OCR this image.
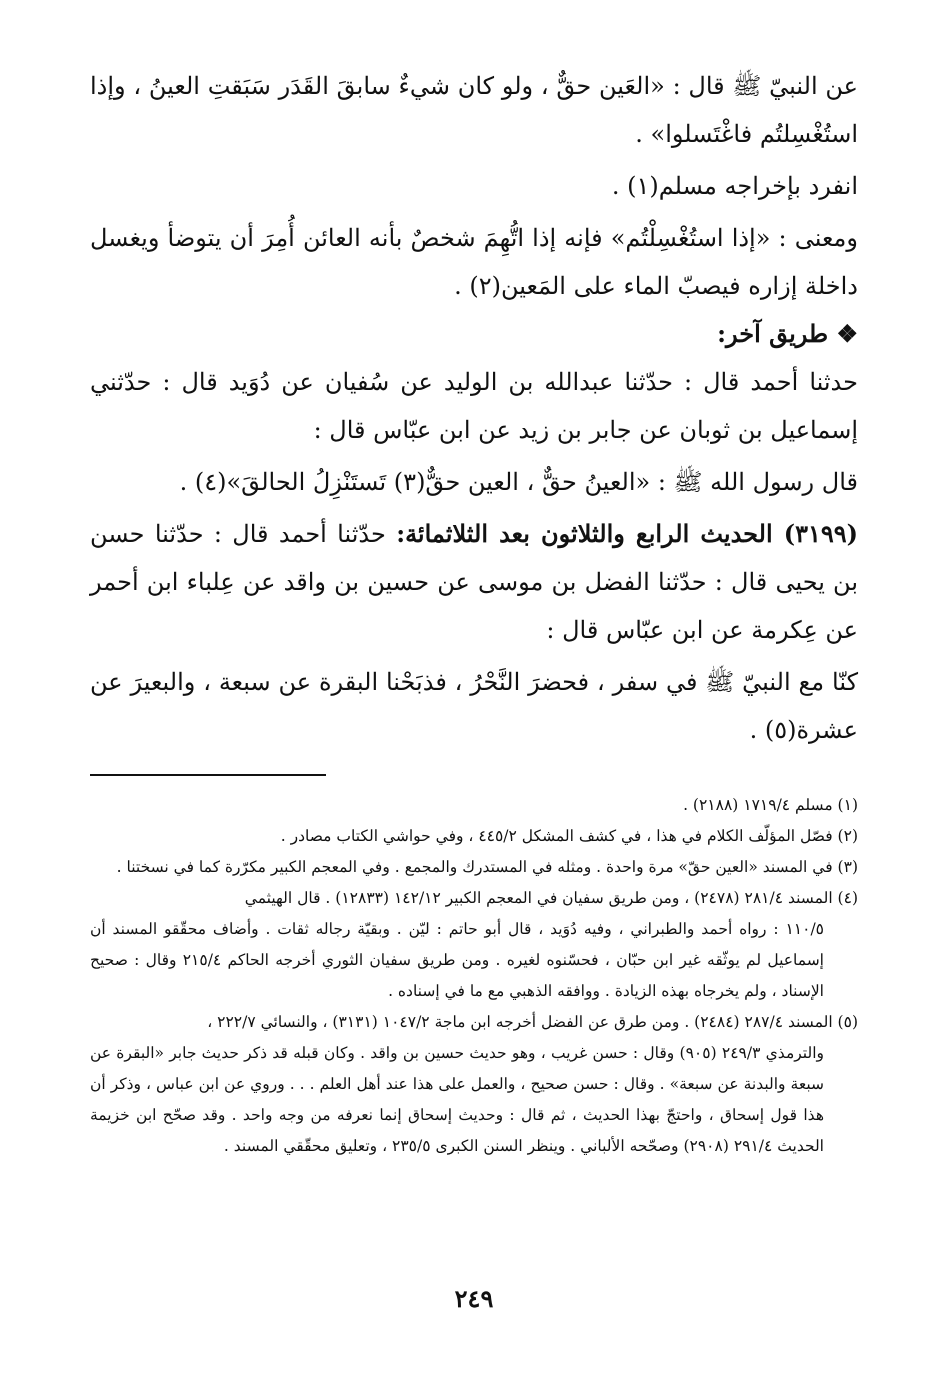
عن النبيّ ﷺ قال : «العَين حقٌّ ، ولو كان شيءٌ سابقَ القَدَر سَبَقتِ العينُ ، وإذا استُغْسِلتُم فاغْتَسلوا» .

انفرد بإخراجه مسلم(١) .

ومعنى : «إذا استُغْسِلْتُم» فإنه إذا اتُّهِمَ شخصٌ بأنه العائن أُمِرَ أن يتوضأ ويغسل داخلة إزاره فيصبّ الماء على المَعين(٢) .

❖ طريق آخر:

حدثنا أحمد قال : حدّثنا عبدالله بن الوليد عن سُفيان عن دُوَيد قال : حدّثني إسماعيل بن ثوبان عن جابر بن زيد عن ابن عبّاس قال :

قال رسول الله ﷺ : «العينُ حقٌّ ، العين حقٌّ(٣) تَستَنْزِلُ الحالقَ»(٤) .

(٣١٩٩) الحديث الرابع والثلاثون بعد الثلاثمائة: حدّثنا أحمد قال : حدّثنا حسن بن يحيى قال : حدّثنا الفضل بن موسى عن حسين بن واقد عن عِلباء ابن أحمر عن عِكرمة عن ابن عبّاس قال :

كنّا مع النبيّ ﷺ في سفر ، فحضرَ النَّحْرُ ، فذبَحْنا البقرة عن سبعة ، والبعيرَ عن عشرة(٥) .

(١) مسلم ١٧١٩/٤ (٢١٨٨) .

(٢) فصّل المؤلّف الكلام في هذا ، في كشف المشكل ٤٤٥/٢ ، وفي حواشي الكتاب مصادر .

(٣) في المسند «العين حقّ» مرة واحدة . ومثله في المستدرك والمجمع . وفي المعجم الكبير مكرّرة كما في نسختنا .

(٤) المسند ٢٨١/٤ (٢٤٧٨) ، ومن طريق سفيان في المعجم الكبير ١٤٢/١٢ (١٢٨٣٣) . قال الهيثمي

١١٠/٥ : رواه أحمد والطبراني ، وفيه دُوَيد ، قال أبو حاتم : ليّن . وبقيّة رجاله ثقات . وأضاف محقّقو المسند أن إسماعيل لم يوثّقه غير ابن حبّان ، فحسّنوه لغيره . ومن طريق سفيان الثوري أخرجه الحاكم ٢١٥/٤ وقال : صحيح الإسناد ، ولم يخرجاه بهذه الزيادة . ووافقه الذهبي مع ما في إسناده .

(٥) المسند ٢٨٧/٤ (٢٤٨٤) . ومن طرق عن الفضل أخرجه ابن ماجة ١٠٤٧/٢ (٣١٣١) ، والنسائي ٢٢٢/٧ ،

والترمذي ٢٤٩/٣ (٩٠٥) وقال : حسن غريب ، وهو حديث حسين بن واقد . وكان قبله قد ذكر حديث جابر «البقرة عن سبعة والبدنة عن سبعة» . وقال : حسن صحيح ، والعمل على هذا عند أهل العلم . . . وروي عن ابن عباس ، وذكر أن هذا قول إسحاق ، واحتجّ بهذا الحديث ، ثم قال : وحديث إسحاق إنما نعرفه من وجه واحد . وقد صحّح ابن خزيمة الحديث ٢٩١/٤ (٢٩٠٨) وصحّحه الألباني . وينظر السنن الكبرى ٢٣٥/٥ ، وتعليق محقّقي المسند .

٢٤٩
